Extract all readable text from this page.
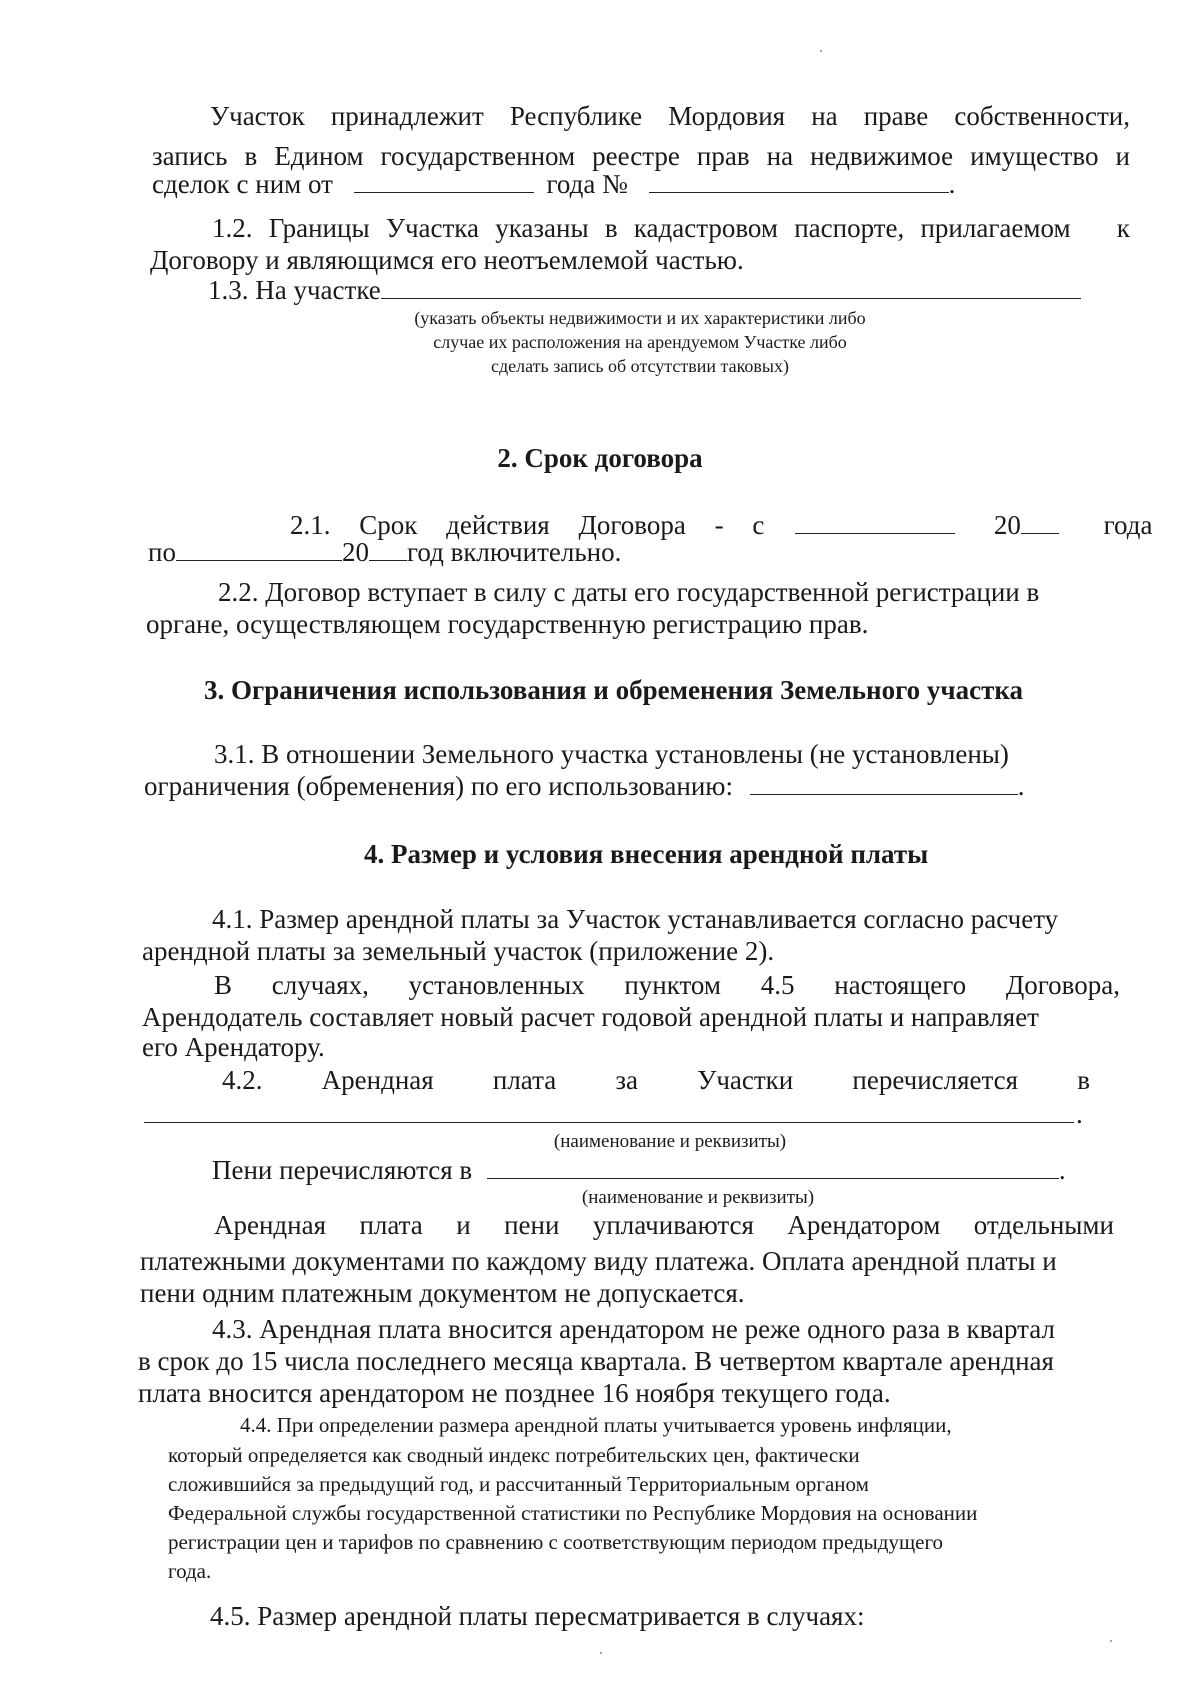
Участок принадлежит Республике Мордовия на праве собственности,
запись в Едином государственном реестре прав на недвижимое имущество и
сделок с ним от	года №	.
1.2. Границы Участка указаны в кадастровом паспорте, прилагаемом к
Договору и являющимся его неотъемлемой частью.
1.3. На участке
(указать объекты недвижимости и их характеристики либо
случае их расположения на арендуемом Участке либо
сделать запись об отсутствии таковых)
2. Срок договора
2.1. Срок действия Договора - с	20	года
по	20 год включительно.
2.2. Договор вступает в силу с даты его государственной регистрации в
органе, осуществляющем государственную регистрацию прав.
3. Ограничения использования и обременения Земельного участка
3.1. В отношении Земельного участка установлены (не установлены)
ограничения (обременения) по его использованию:	.
4. Размер и условия внесения арендной платы
4.1. Размер арендной платы за Участок устанавливается согласно расчету
арендной платы за земельный участок (приложение 2).
В случаях, установленных пунктом 4.5 настоящего Договора,
Арендодатель составляет новый расчет годовой арендной платы и направляет
его Арендатору.
4.2. Арендная плата за Участки перечисляется в
.
(наименование и реквизиты)
Пени перечисляются в	.
(наименование и реквизиты)
Арендная плата и пени уплачиваются Арендатором отдельными
платежными документами по каждому виду платежа. Оплата арендной платы и
пени одним платежным документом не допускается.
4.3. Арендная плата вносится арендатором не реже одного раза в квартал
в срок до 15 числа последнего месяца квартала. В четвертом квартале арендная
плата вносится арендатором не позднее 16 ноября текущего года.
4.4. При определении размера арендной платы учитывается уровень инфляции,
который определяется как сводный индекс потребительских цен, фактически
сложившийся за предыдущий год, и рассчитанный Территориальным органом
Федеральной службы государственной статистики по Республике Мордовия на основании
регистрации цен и тарифов по сравнению с соответствующим периодом предыдущего
года.
4.5. Размер арендной платы пересматривается в случаях:
